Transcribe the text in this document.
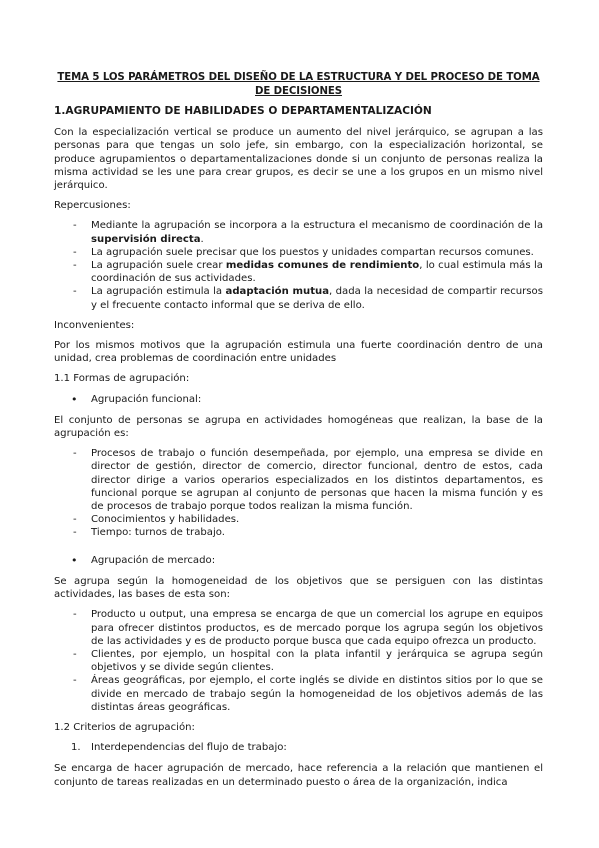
TEMA 5 LOS PARÁMETROS DEL DISEÑO DE LA ESTRUCTURA Y DEL PROCESO DE TOMA DE DECISIONES
1.AGRUPAMIENTO DE HABILIDADES O DEPARTAMENTALIZACIÓN

Con la especialización vertical se produce un aumento del nivel jerárquico, se agrupan a las personas para que tengas un solo jefe, sin embargo, con la especialización horizontal, se produce agrupamientos o departamentalizaciones donde si un conjunto de personas realiza la misma actividad se les une para crear grupos, es decir se une a los grupos en un mismo nivel jerárquico.

Repercusiones:

- Mediante la agrupación se incorpora a la estructura el mecanismo de coordinación de la supervisión directa.
- La agrupación suele precisar que los puestos y unidades compartan recursos comunes.
- La agrupación suele crear medidas comunes de rendimiento, lo cual estimula más la coordinación de sus actividades.
- La agrupación estimula la adaptación mutua, dada la necesidad de compartir recursos y el frecuente contacto informal que se deriva de ello.

Inconvenientes:

Por los mismos motivos que la agrupación estimula una fuerte coordinación dentro de una unidad, crea problemas de coordinación entre unidades

1.1 Formas de agrupación:

• Agrupación funcional:

El conjunto de personas se agrupa en actividades homogéneas que realizan, la base de la agrupación es:

- Procesos de trabajo o función desempeñada, por ejemplo, una empresa se divide en director de gestión, director de comercio, director funcional, dentro de estos, cada director dirige a varios operarios especializados en los distintos departamentos, es funcional porque se agrupan al conjunto de personas que hacen la misma función y es de procesos de trabajo porque todos realizan la misma función.
- Conocimientos y habilidades.
- Tiempo: turnos de trabajo.
• Agrupación de mercado:

Se agrupa según la homogeneidad de los objetivos que se persiguen con las distintas actividades, las bases de esta son:

- Producto u output, una empresa se encarga de que un comercial los agrupe en equipos para ofrecer distintos productos, es de mercado porque los agrupa según los objetivos de las actividades y es de producto porque busca que cada equipo ofrezca un producto.
- Clientes, por ejemplo, un hospital con la plata infantil y jerárquica se agrupa según objetivos y se divide según clientes.
- Áreas geográficas, por ejemplo, el corte inglés se divide en distintos sitios por lo que se divide en mercado de trabajo según la homogeneidad de los objetivos además de las distintas áreas geográficas.

1.2 Criterios de agrupación:

1. Interdependencias del flujo de trabajo:

Se encarga de hacer agrupación de mercado, hace referencia a la relación que mantienen el conjunto de tareas realizadas en un determinado puesto o área de la organización, indica
